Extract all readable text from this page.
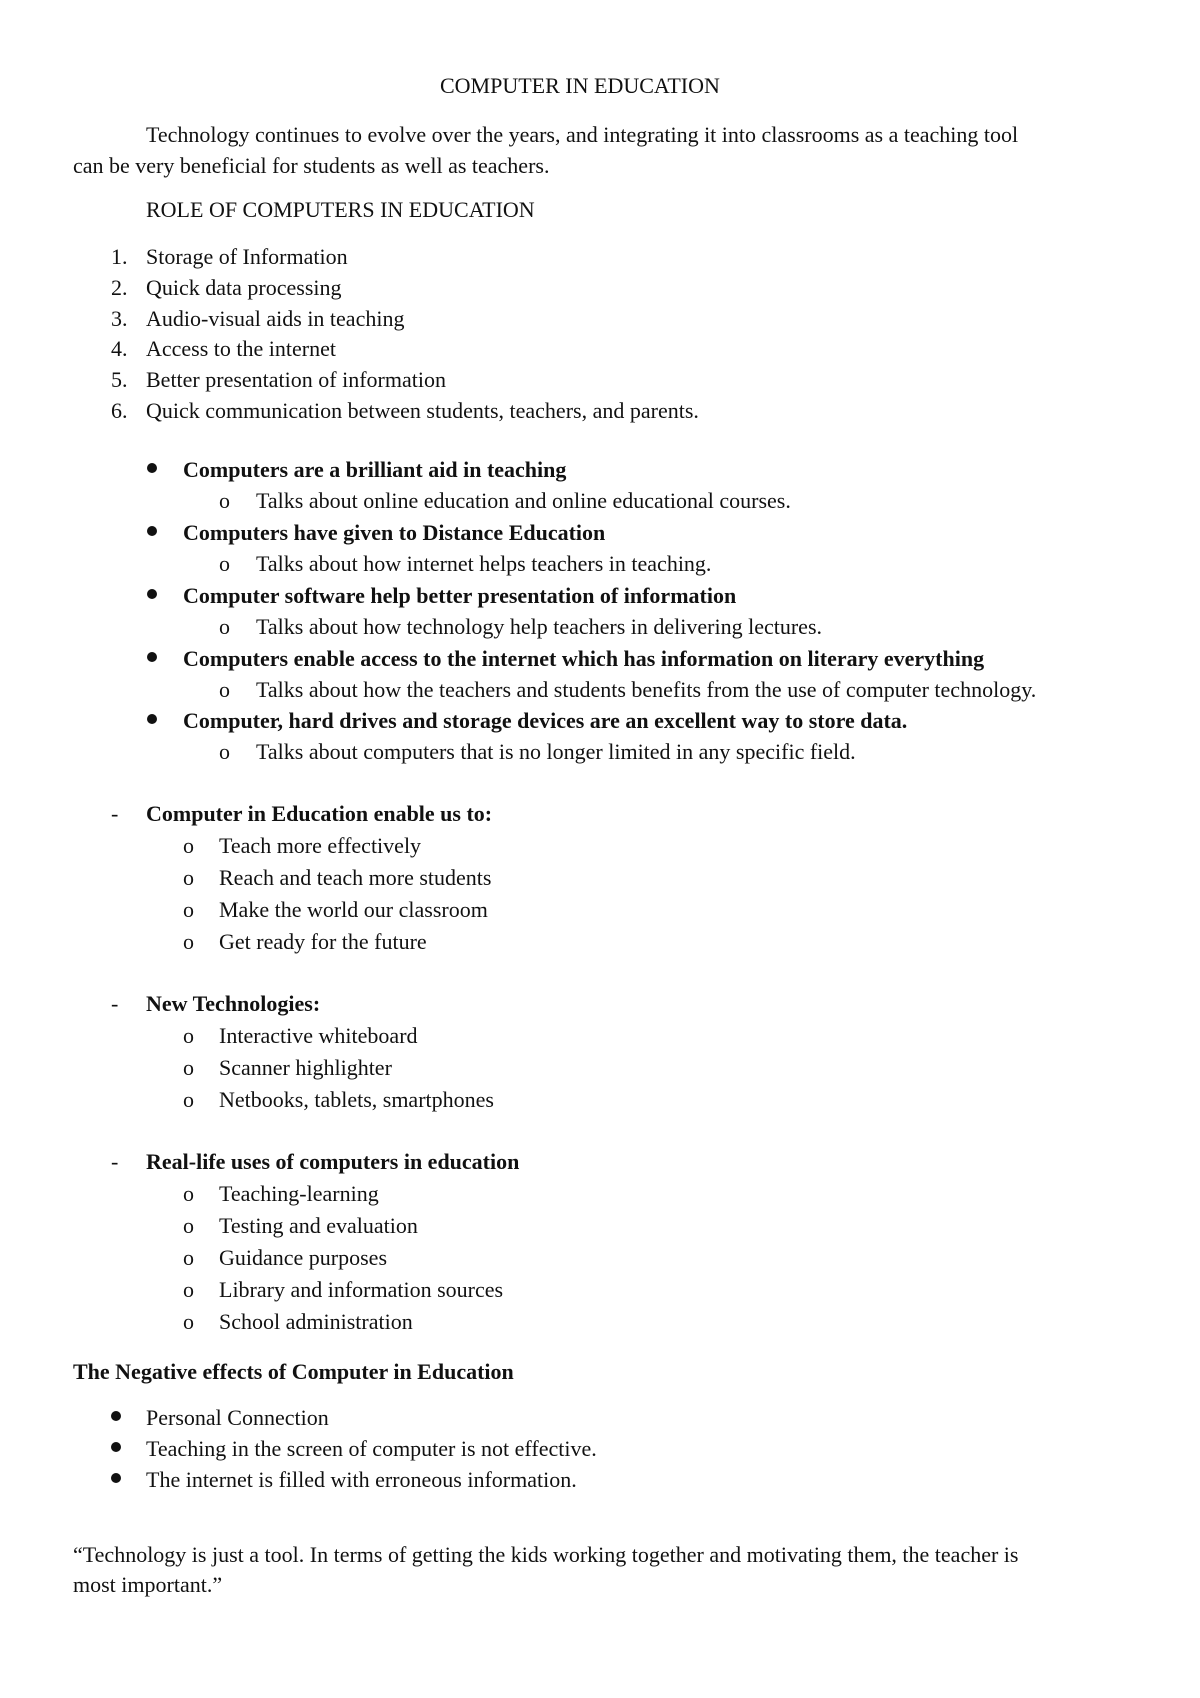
COMPUTER IN EDUCATION
Technology continues to evolve over the years, and integrating it into classrooms as a teaching tool
can be very beneficial for students as well as teachers.
ROLE OF COMPUTERS IN EDUCATION
1. Storage of Information
2. Quick data processing
3. Audio-visual aids in teaching
4. Access to the internet
5. Better presentation of information
6. Quick communication between students, teachers, and parents.
Computers are a brilliant aid in teaching
o Talks about online education and online educational courses.
Computers have given to Distance Education
o Talks about how internet helps teachers in teaching.
Computer software help better presentation of information
o Talks about how technology help teachers in delivering lectures.
Computers enable access to the internet which has information on literary everything
o Talks about how the teachers and students benefits from the use of computer technology.
Computer, hard drives and storage devices are an excellent way to store data.
o Talks about computers that is no longer limited in any specific field.
- Computer in Education enable us to:
o Teach more effectively
o Reach and teach more students
o Make the world our classroom
o Get ready for the future
- New Technologies:
o Interactive whiteboard
o Scanner highlighter
o Netbooks, tablets, smartphones
- Real-life uses of computers in education
o Teaching-learning
o Testing and evaluation
o Guidance purposes
o Library and information sources
o School administration
The Negative effects of Computer in Education
Personal Connection
Teaching in the screen of computer is not effective.
The internet is filled with erroneous information.
“Technology is just a tool. In terms of getting the kids working together and motivating them, the teacher is
most important.”
